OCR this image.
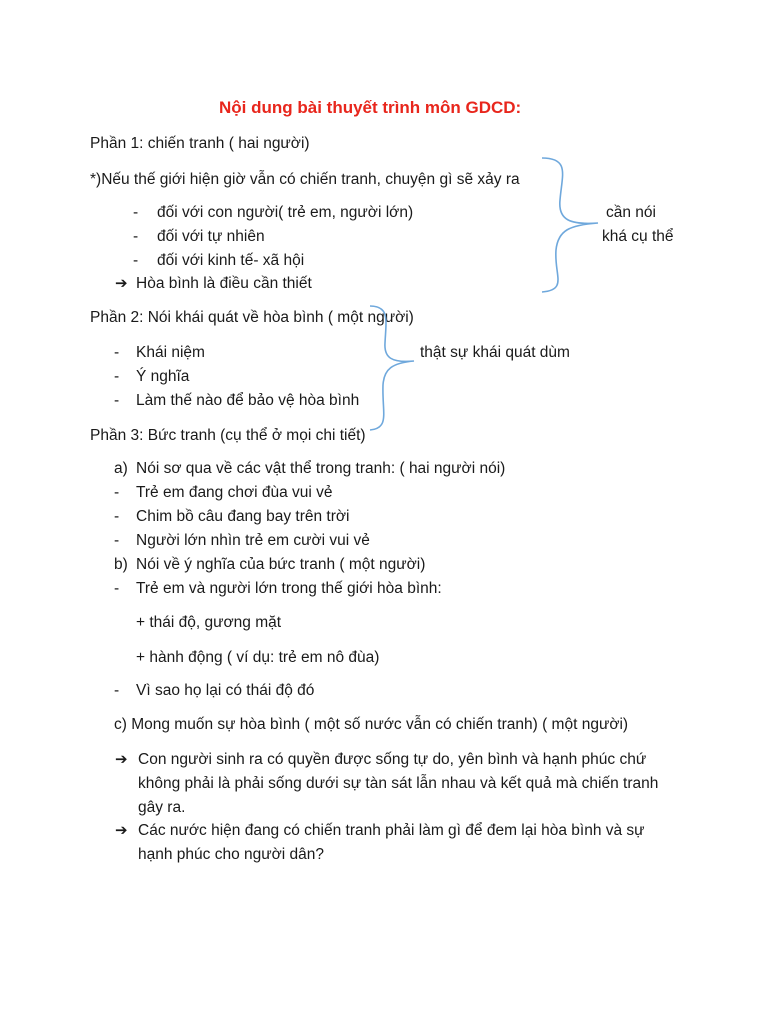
Nội dung bài thuyết trình môn GDCD:
Phần 1: chiến tranh ( hai người)
*)Nếu thế giới hiện giờ vẫn có chiến tranh, chuyện gì sẽ xảy ra
-	đối với con người( trẻ em, người lớn)
-	đối với tự nhiên
-	đối với kinh tế- xã hội
➔ Hòa bình là điều cần thiết
cần nói
khá cụ thể
Phần 2: Nói khái quát về hòa bình ( một người)
-	Khái niệm
-	Ý nghĩa
-	Làm thế nào để bảo vệ hòa bình
thật sự khái quát dùm
Phần 3: Bức tranh (cụ thể ở mọi chi tiết)
a) Nói sơ qua về các vật thể trong tranh: ( hai người nói)
-	Trẻ em đang chơi đùa vui vẻ
-	Chim bồ câu đang bay trên trời
-	Người lớn nhìn trẻ em cười vui vẻ
b) Nói về ý nghĩa của bức tranh ( một người)
-	Trẻ em và người lớn trong thế giới hòa bình:
+ thái độ, gương mặt
+ hành động ( ví dụ: trẻ em nô đùa)
-	Vì sao họ lại có thái độ đó
c) Mong muốn sự hòa bình ( một số nước vẫn có chiến tranh) ( một người)
➔ Con người sinh ra có quyền được sống tự do, yên bình và hạnh phúc chứ
không phải là phải sống dưới sự tàn sát lẫn nhau và kết quả mà chiến tranh
gây ra.
➔ Các nước hiện đang có chiến tranh phải làm gì để đem lại hòa bình và sự
hạnh phúc cho người dân?
